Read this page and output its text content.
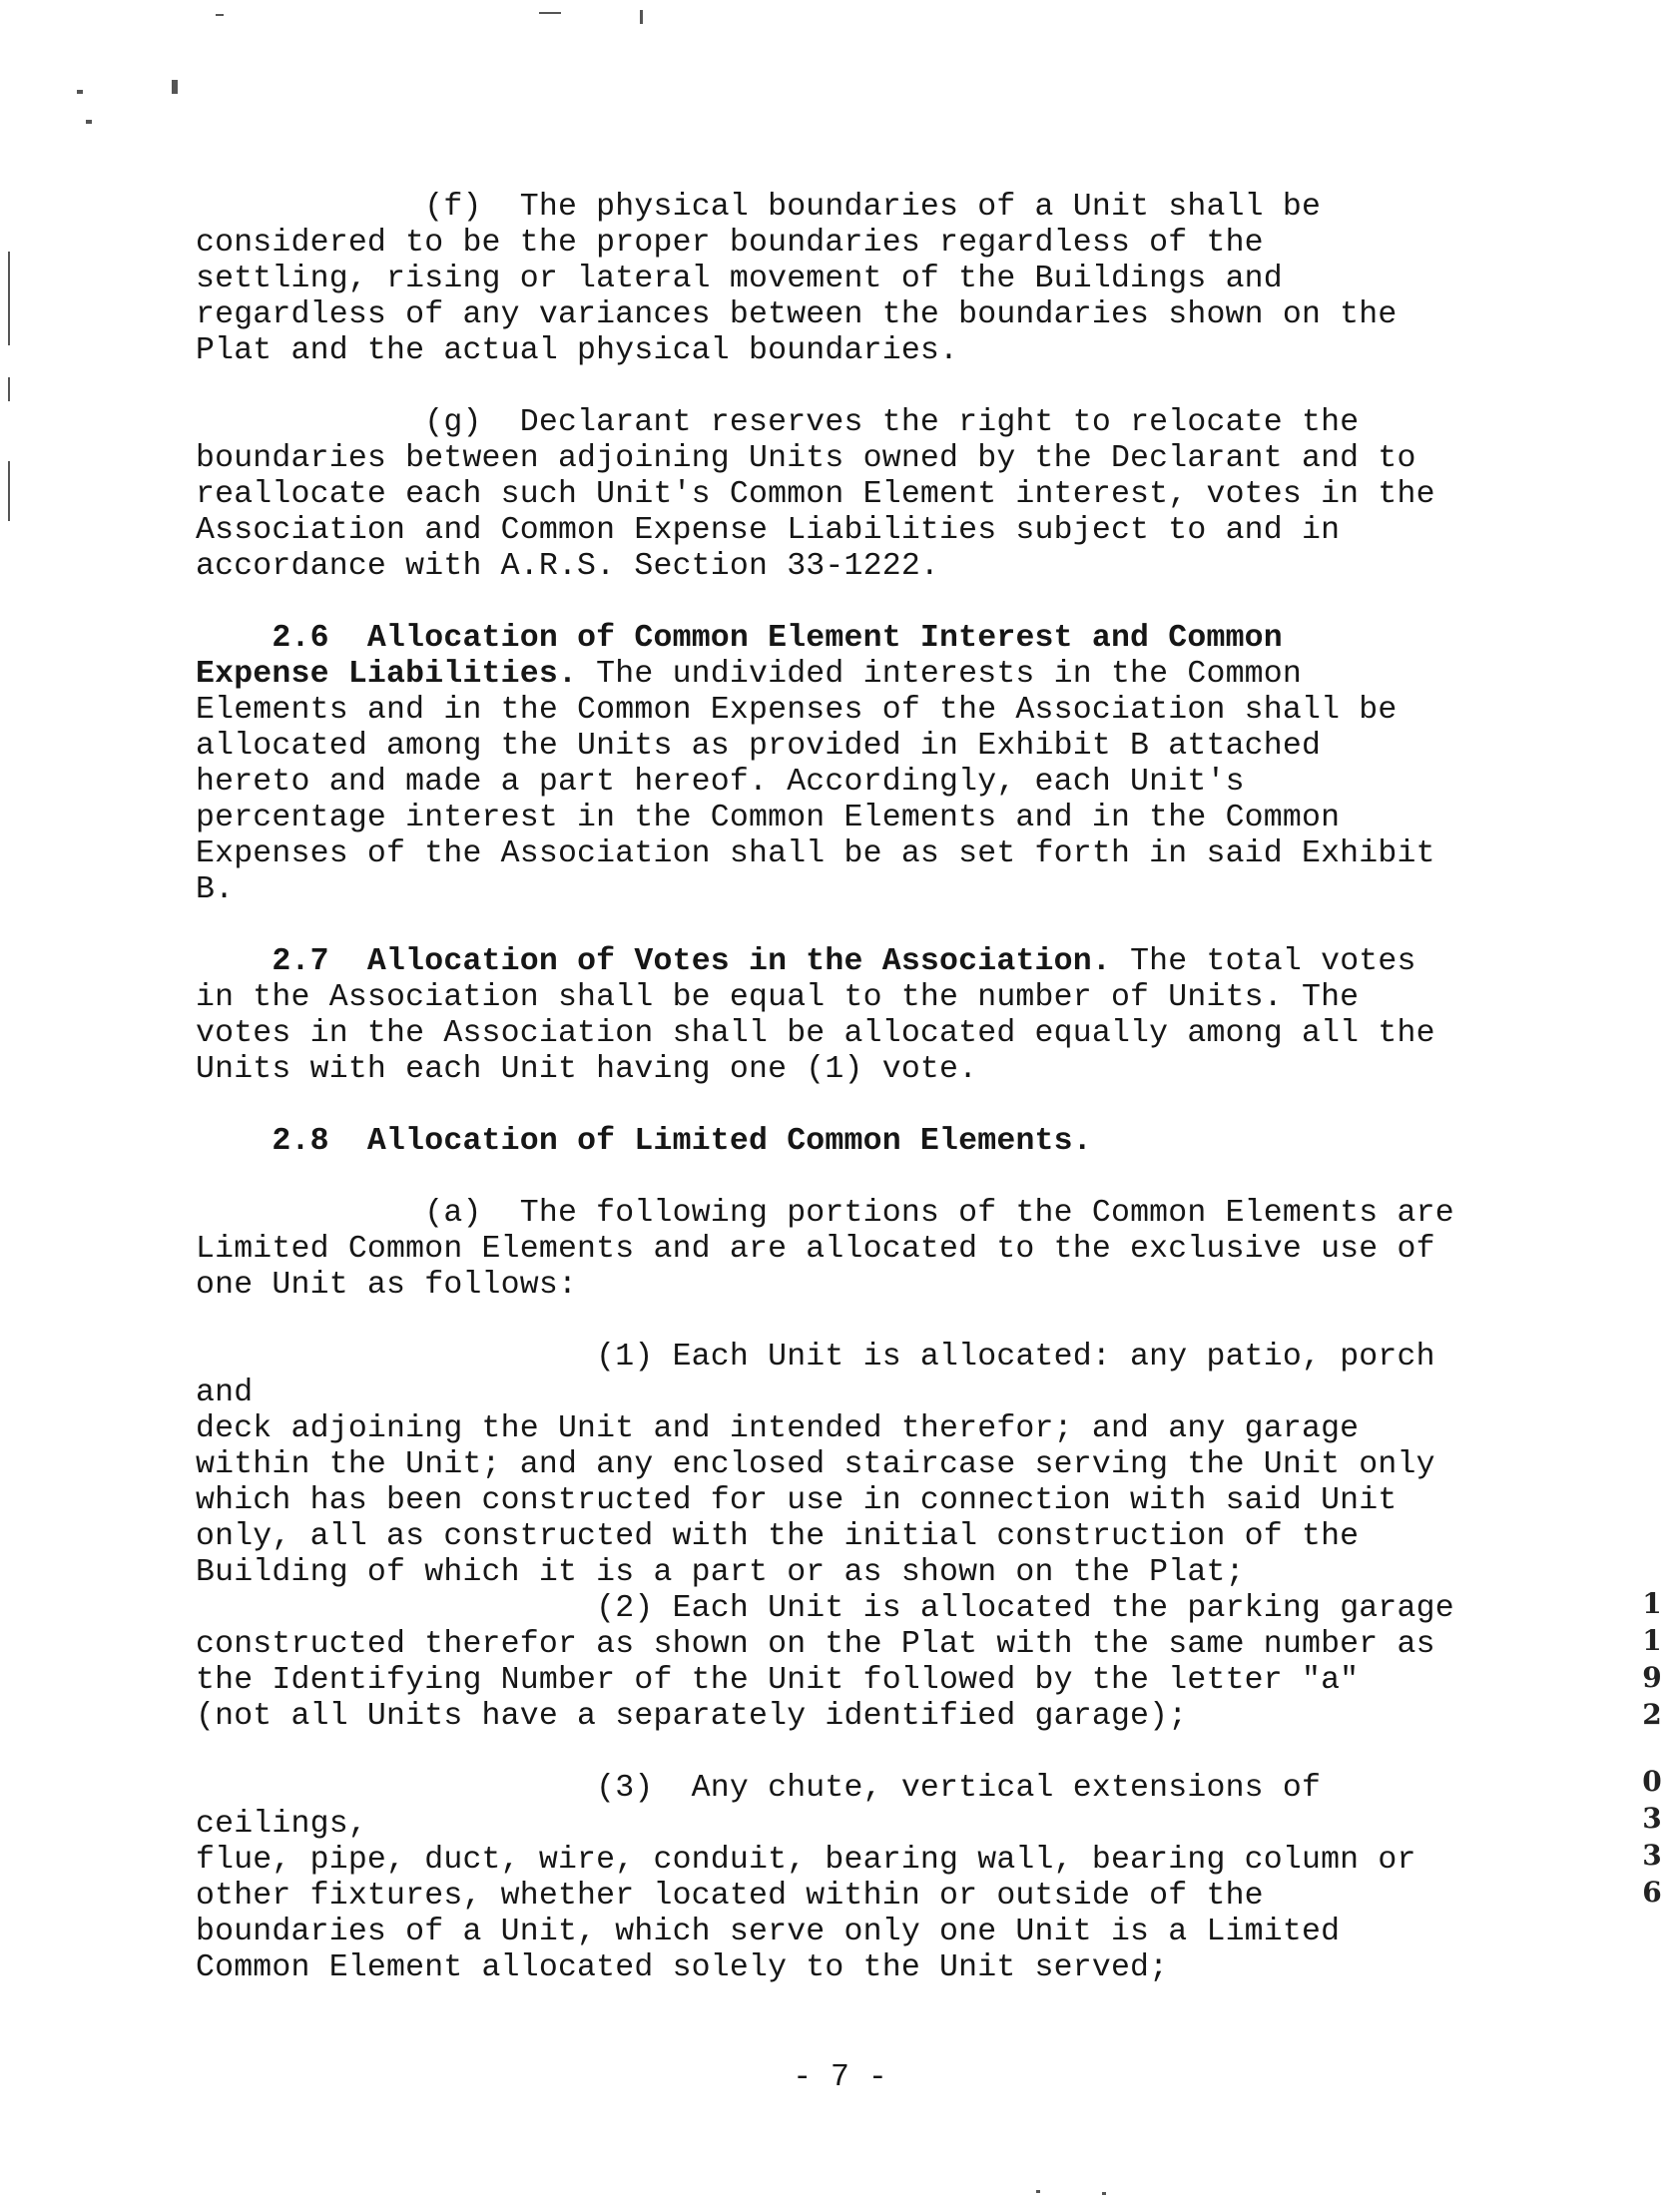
(f)  The physical boundaries of a Unit shall be
considered to be the proper boundaries regardless of the
settling, rising or lateral movement of the Buildings and
regardless of any variances between the boundaries shown on the
Plat and the actual physical boundaries.

(g)  Declarant reserves the right to relocate the
boundaries between adjoining Units owned by the Declarant and to
reallocate each such Unit's Common Element interest, votes in the
Association and Common Expense Liabilities subject to and in
accordance with A.R.S. Section 33-1222.

2.6  Allocation of Common Element Interest and Common
Expense Liabilities. The undivided interests in the Common
Elements and in the Common Expenses of the Association shall be
allocated among the Units as provided in Exhibit B attached
hereto and made a part hereof. Accordingly, each Unit's
percentage interest in the Common Elements and in the Common
Expenses of the Association shall be as set forth in said Exhibit
B.

2.7  Allocation of Votes in the Association. The total votes
in the Association shall be equal to the number of Units. The
votes in the Association shall be allocated equally among all the
Units with each Unit having one (1) vote.

2.8  Allocation of Limited Common Elements.

(a)  The following portions of the Common Elements are
Limited Common Elements and are allocated to the exclusive use of
one Unit as follows:

(1) Each Unit is allocated: any patio, porch and
deck adjoining the Unit and intended therefor; and any garage
within the Unit; and any enclosed staircase serving the Unit only
which has been constructed for use in connection with said Unit
only, all as constructed with the initial construction of the
Building of which it is a part or as shown on the Plat;

(2) Each Unit is allocated the parking garage
constructed therefor as shown on the Plat with the same number as
the Identifying Number of the Unit followed by the letter "a"
(not all Units have a separately identified garage);

(3)  Any chute, vertical extensions of ceilings,
flue, pipe, duct, wire, conduit, bearing wall, bearing column or
other fixtures, whether located within or outside of the
boundaries of a Unit, which serve only one Unit is a Limited
Common Element allocated solely to the Unit served;

- 7 -
1
1
9
2
0
3
3
6
